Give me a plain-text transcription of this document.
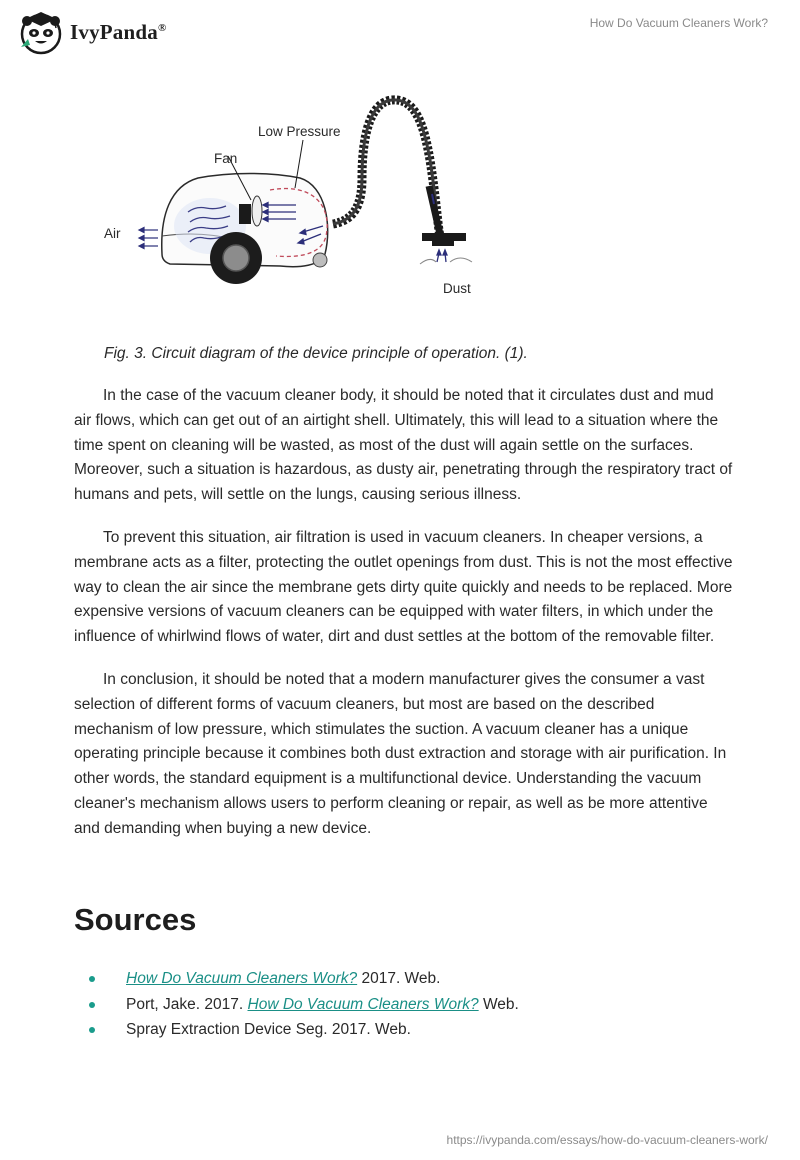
IvyPanda®	How Do Vacuum Cleaners Work?
Low Pressure
Fan
Air
Dust
Fig. 3. Circuit diagram of the device principle of operation. (1).

In the case of the vacuum cleaner body, it should be noted that it circulates dust and mud air flows, which can get out of an airtight shell. Ultimately, this will lead to a situation where the time spent on cleaning will be wasted, as most of the dust will again settle on the surfaces. Moreover, such a situation is hazardous, as dusty air, penetrating through the respiratory tract of humans and pets, will settle on the lungs, causing serious illness.

To prevent this situation, air filtration is used in vacuum cleaners. In cheaper versions, a membrane acts as a filter, protecting the outlet openings from dust. This is not the most effective way to clean the air since the membrane gets dirty quite quickly and needs to be replaced. More expensive versions of vacuum cleaners can be equipped with water filters, in which under the influence of whirlwind flows of water, dirt and dust settles at the bottom of the removable filter.

In conclusion, it should be noted that a modern manufacturer gives the consumer a vast selection of different forms of vacuum cleaners, but most are based on the described mechanism of low pressure, which stimulates the suction. A vacuum cleaner has a unique operating principle because it combines both dust extraction and storage with air purification. In other words, the standard equipment is a multifunctional device. Understanding the vacuum cleaner's mechanism allows users to perform cleaning or repair, as well as be more attentive and demanding when buying a new device.

Sources
How Do Vacuum Cleaners Work? 2017. Web.
Port, Jake. 2017. How Do Vacuum Cleaners Work? Web.
Spray Extraction Device Seg. 2017. Web.
https://ivypanda.com/essays/how-do-vacuum-cleaners-work/
